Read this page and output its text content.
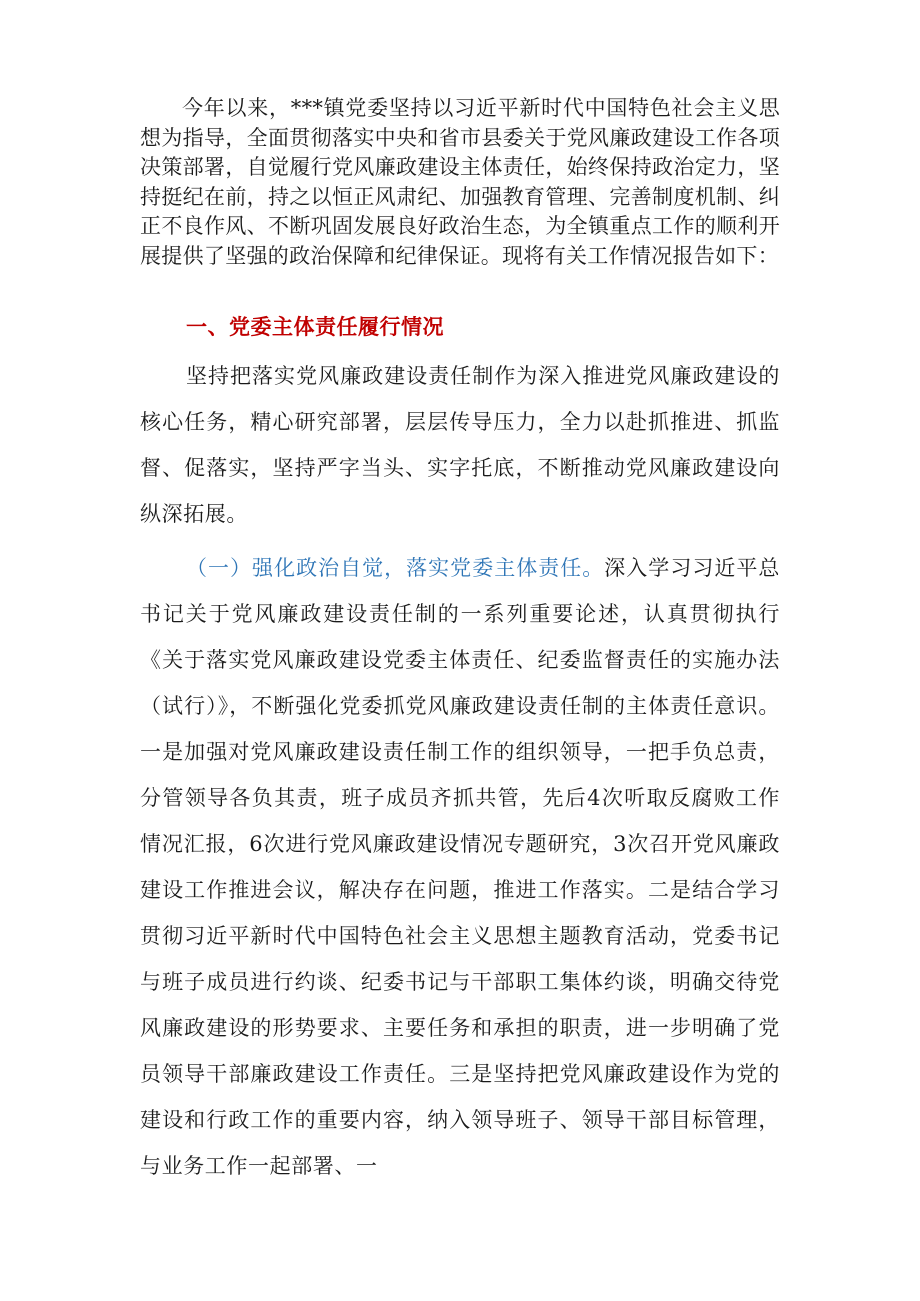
今年以来，***镇党委坚持以习近平新时代中国特色社会主义思想为指导，全面贯彻落实中央和省市县委关于党风廉政建设工作各项决策部署，自觉履行党风廉政建设主体责任，始终保持政治定力，坚持挺纪在前，持之以恒正风肃纪、加强教育管理、完善制度机制、纠正不良作风、不断巩固发展良好政治生态，为全镇重点工作的顺利开展提供了坚强的政治保障和纪律保证。现将有关工作情况报告如下：

一、党委主体责任履行情况

坚持把落实党风廉政建设责任制作为深入推进党风廉政建设的核心任务，精心研究部署，层层传导压力，全力以赴抓推进、抓监督、促落实，坚持严字当头、实字托底，不断推动党风廉政建设向纵深拓展。

（一）强化政治自觉，落实党委主体责任。深入学习习近平总书记关于党风廉政建设责任制的一系列重要论述，认真贯彻执行《关于落实党风廉政建设党委主体责任、纪委监督责任的实施办法（试行）》，不断强化党委抓党风廉政建设责任制的主体责任意识。一是加强对党风廉政建设责任制工作的组织领导，一把手负总责，分管领导各负其责，班子成员齐抓共管，先后4次听取反腐败工作情况汇报，6次进行党风廉政建设情况专题研究，3次召开党风廉政建设工作推进会议，解决存在问题，推进工作落实。二是结合学习贯彻习近平新时代中国特色社会主义思想主题教育活动，党委书记与班子成员进行约谈、纪委书记与干部职工集体约谈，明确交待党风廉政建设的形势要求、主要任务和承担的职责，进一步明确了党员领导干部廉政建设工作责任。三是坚持把党风廉政建设作为党的建设和行政工作的重要内容，纳入领导班子、领导干部目标管理，与业务工作一起部署、一
